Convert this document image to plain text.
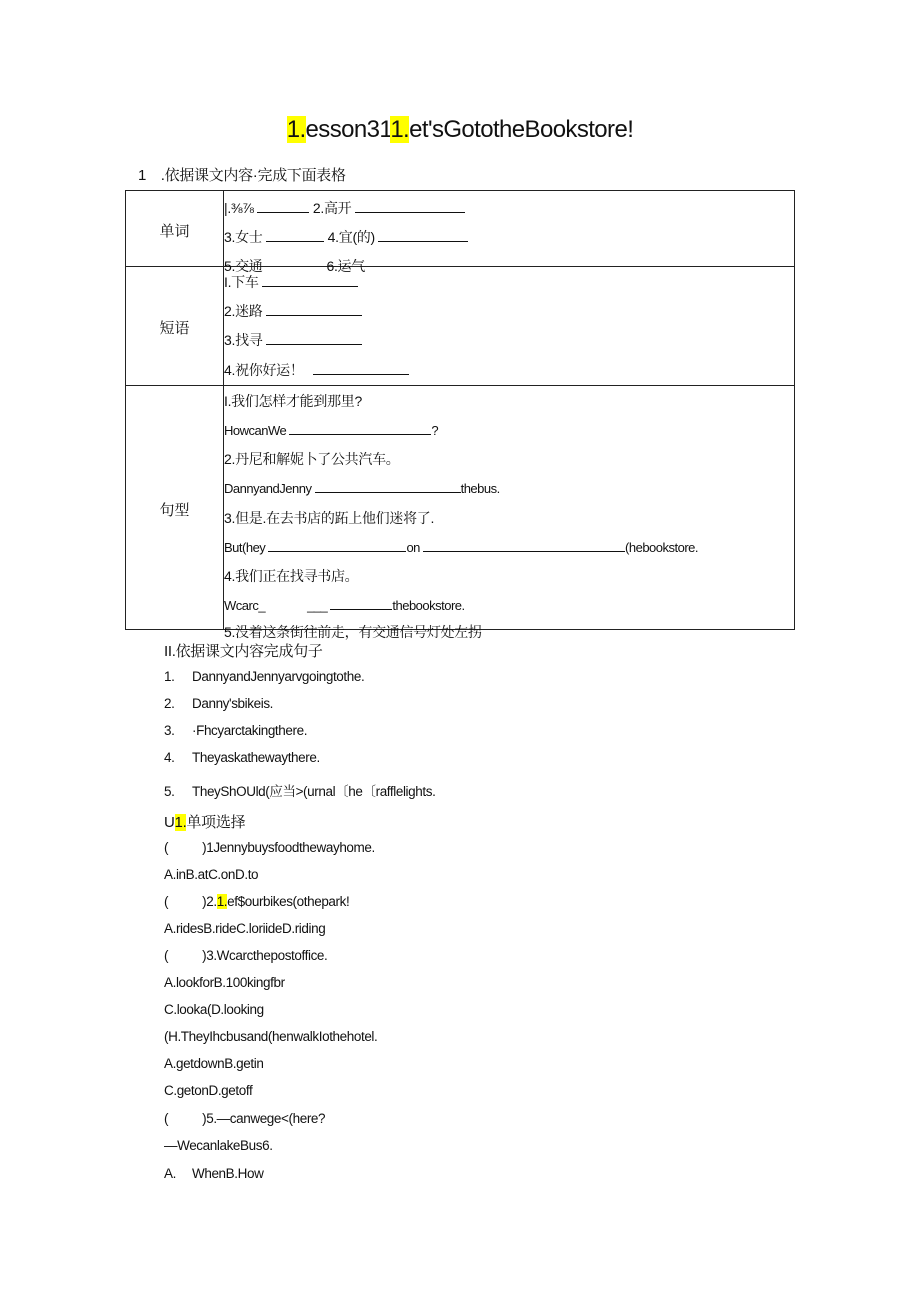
1.esson311.et'sGototheBookstore!
1　.依据课文内容·完成下面表格
单词
|.⅜⅞	2.高开
3.女士	4.宜(的)
5.交通	6.运气
短语
I.下车
2.迷路
3.找寻
4.祝你好运！
句型
I.我们怎样才能到那里?
HowcanWe	?
2.丹尼和解妮卜了公共汽车。
DannyandJenny	thebus.
3.但是.在去书店的跖上他们迷将了.
But(hey	on	(hebookstore.
4.我们正在找寻书店。
Wcarc_	___	thebookstore.
5.没着这条街往前走，有交通信号灯处左拐
II.依据课文内容完成句子
1. DannyandJennyarvgoingtothe.
2. Danny'sbikeis.
3. ·Fhcyarctakingthere.
4. Theyaskathewaythere.
5. TheyShOUld(应当>(urnal〔he〔rafflelights.
U1.单项选择
(	)1Jennybuysfoodthewayhome.
A.inB.atC.onD.to
(	)2.1.ef$ourbikes(othepark!
A.ridesB.rideC.loriideD.riding
(	)3.Wcarcthepostoffice.
A.lookforB.100kingfbr
C.looka(D.looking
(H.TheyIhcbusand(henwalkIothehotel.
A.getdownB.getin
C.getonD.getoff
(	)5.—canwege<(here?
—WecanlakeBus6.
A. WhenB.How
